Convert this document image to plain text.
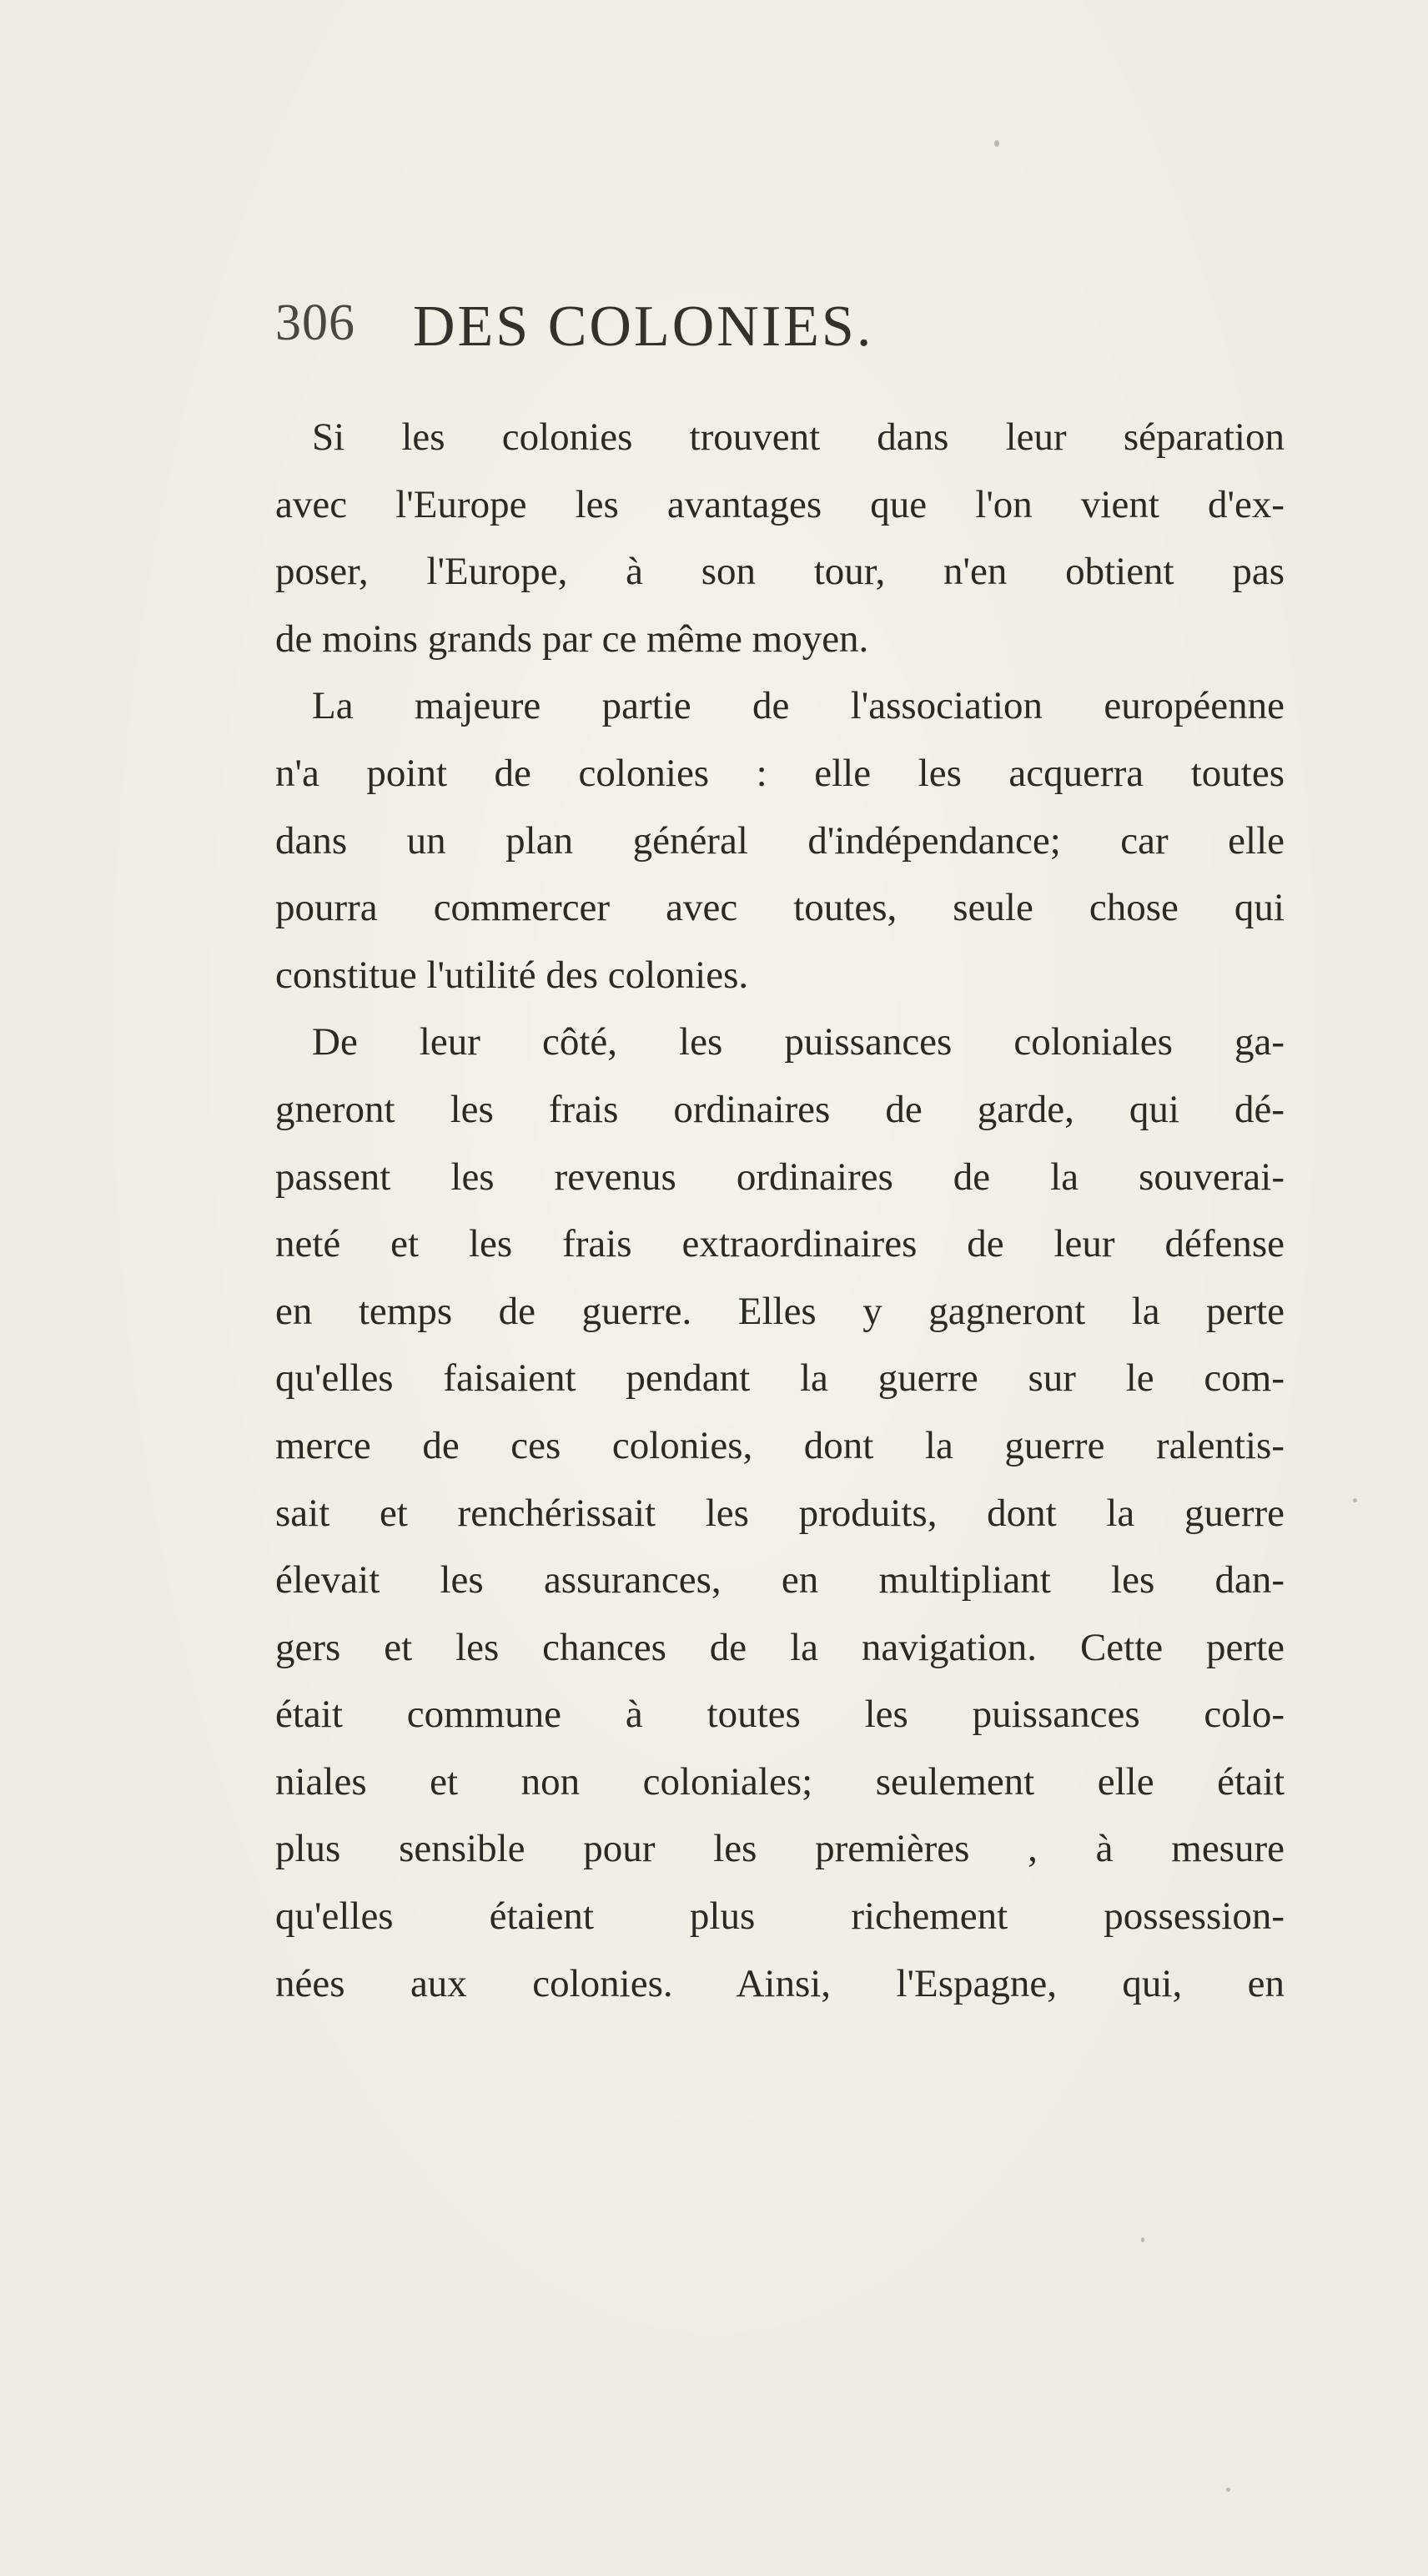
306 DES COLONIES.
Si les colonies trouvent dans leur séparation
avec l'Europe les avantages que l'on vient d'ex-
poser, l'Europe, à son tour, n'en obtient pas
de moins grands par ce même moyen.
La majeure partie de l'association européenne
n'a point de colonies : elle les acquerra toutes
dans un plan général d'indépendance; car elle
pourra commercer avec toutes, seule chose qui
constitue l'utilité des colonies.
De leur côté, les puissances coloniales ga-
gneront les frais ordinaires de garde, qui dé-
passent les revenus ordinaires de la souverai-
neté et les frais extraordinaires de leur défense
en temps de guerre. Elles y gagneront la perte
qu'elles faisaient pendant la guerre sur le com-
merce de ces colonies, dont la guerre ralentis-
sait et renchérissait les produits, dont la guerre
élevait les assurances, en multipliant les dan-
gers et les chances de la navigation. Cette perte
était commune à toutes les puissances colo-
niales et non coloniales; seulement elle était
plus sensible pour les premières , à mesure
qu'elles étaient plus richement possession-
nées aux colonies. Ainsi, l'Espagne, qui, en
